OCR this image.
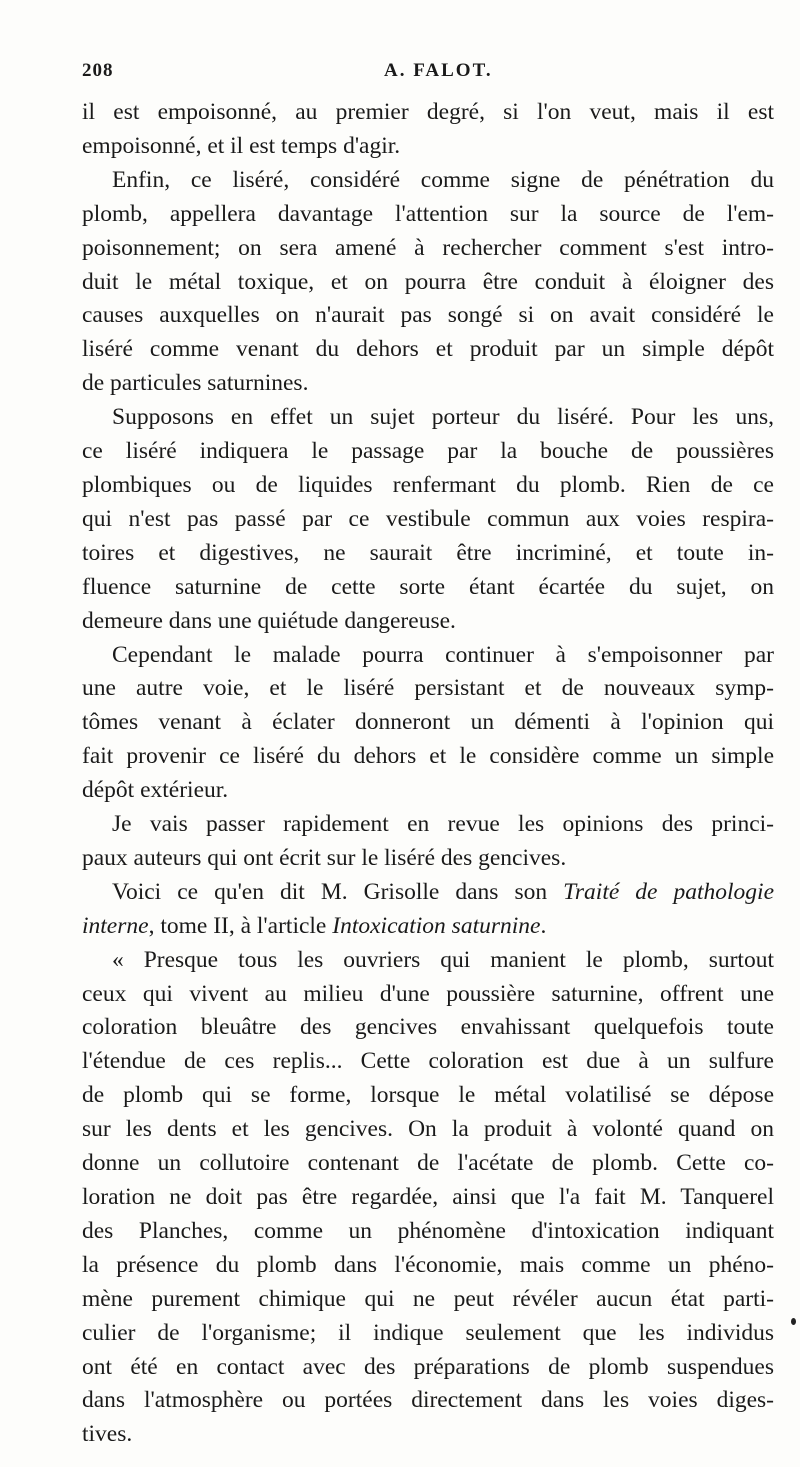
208	A. FALOT.
il est empoisonné, au premier degré, si l'on veut, mais il est
empoisonné, et il est temps d'agir.
Enfin, ce liséré, considéré comme signe de pénétration du
plomb, appellera davantage l'attention sur la source de l'em-
poisonnement; on sera amené à rechercher comment s'est intro-
duit le métal toxique, et on pourra être conduit à éloigner des
causes auxquelles on n'aurait pas songé si on avait considéré le
liséré comme venant du dehors et produit par un simple dépôt
de particules saturnines.
Supposons en effet un sujet porteur du liséré. Pour les uns,
ce liséré indiquera le passage par la bouche de poussières
plombiques ou de liquides renfermant du plomb. Rien de ce
qui n'est pas passé par ce vestibule commun aux voies respira-
toires et digestives, ne saurait être incriminé, et toute in-
fluence saturnine de cette sorte étant écartée du sujet, on
demeure dans une quiétude dangereuse.
Cependant le malade pourra continuer à s'empoisonner par
une autre voie, et le liséré persistant et de nouveaux symp-
tômes venant à éclater donneront un démenti à l'opinion qui
fait provenir ce liséré du dehors et le considère comme un simple
dépôt extérieur.
Je vais passer rapidement en revue les opinions des princi-
paux auteurs qui ont écrit sur le liséré des gencives.
Voici ce qu'en dit M. Grisolle dans son Traité de pathologie
interne, tome II, à l'article Intoxication saturnine.
« Presque tous les ouvriers qui manient le plomb, surtout
ceux qui vivent au milieu d'une poussière saturnine, offrent une
coloration bleuâtre des gencives envahissant quelquefois toute
l'étendue de ces replis... Cette coloration est due à un sulfure
de plomb qui se forme, lorsque le métal volatilisé se dépose
sur les dents et les gencives. On la produit à volonté quand on
donne un collutoire contenant de l'acétate de plomb. Cette co-
loration ne doit pas être regardée, ainsi que l'a fait M. Tanquerel
des Planches, comme un phénomène d'intoxication indiquant
la présence du plomb dans l'économie, mais comme un phéno-
mène purement chimique qui ne peut révéler aucun état parti-
culier de l'organisme; il indique seulement que les individus
ont été en contact avec des préparations de plomb suspendues
dans l'atmosphère ou portées directement dans les voies diges-
tives.
